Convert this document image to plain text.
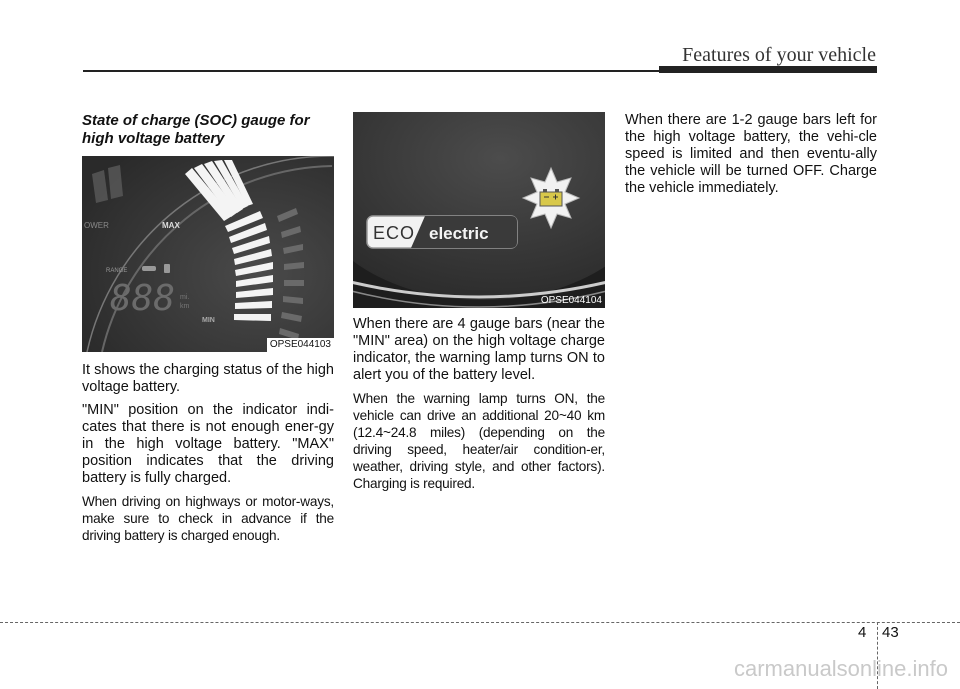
Features of your vehicle
State of charge (SOC) gauge for high voltage battery
MAX
MIN
OWER
RANGE
888 mi.
km
OPSE044103

It shows the charging status of the high voltage battery.

"MIN" position on the indicator indi-cates that there is not enough ener-gy in the high voltage battery. "MAX" position indicates that the driving battery is fully charged.

When driving on highways or motor-ways, make sure to check in advance if the driving battery is charged enough.

ECO electric
OPSE044104

When there are 4 gauge bars (near the "MIN" area) on the high voltage charge indicator, the warning lamp turns ON to alert you of the battery level.

When the warning lamp turns ON, the vehicle can drive an additional 20~40 km (12.4~24.8 miles) (depending on the driving speed, heater/air condition-er, weather, driving style, and other factors). Charging is required.

When there are 1-2 gauge bars left for the high voltage battery, the vehi-cle speed is limited and then eventu-ally the vehicle will be turned OFF. Charge the vehicle immediately.

4 43
carmanualsonline.info
